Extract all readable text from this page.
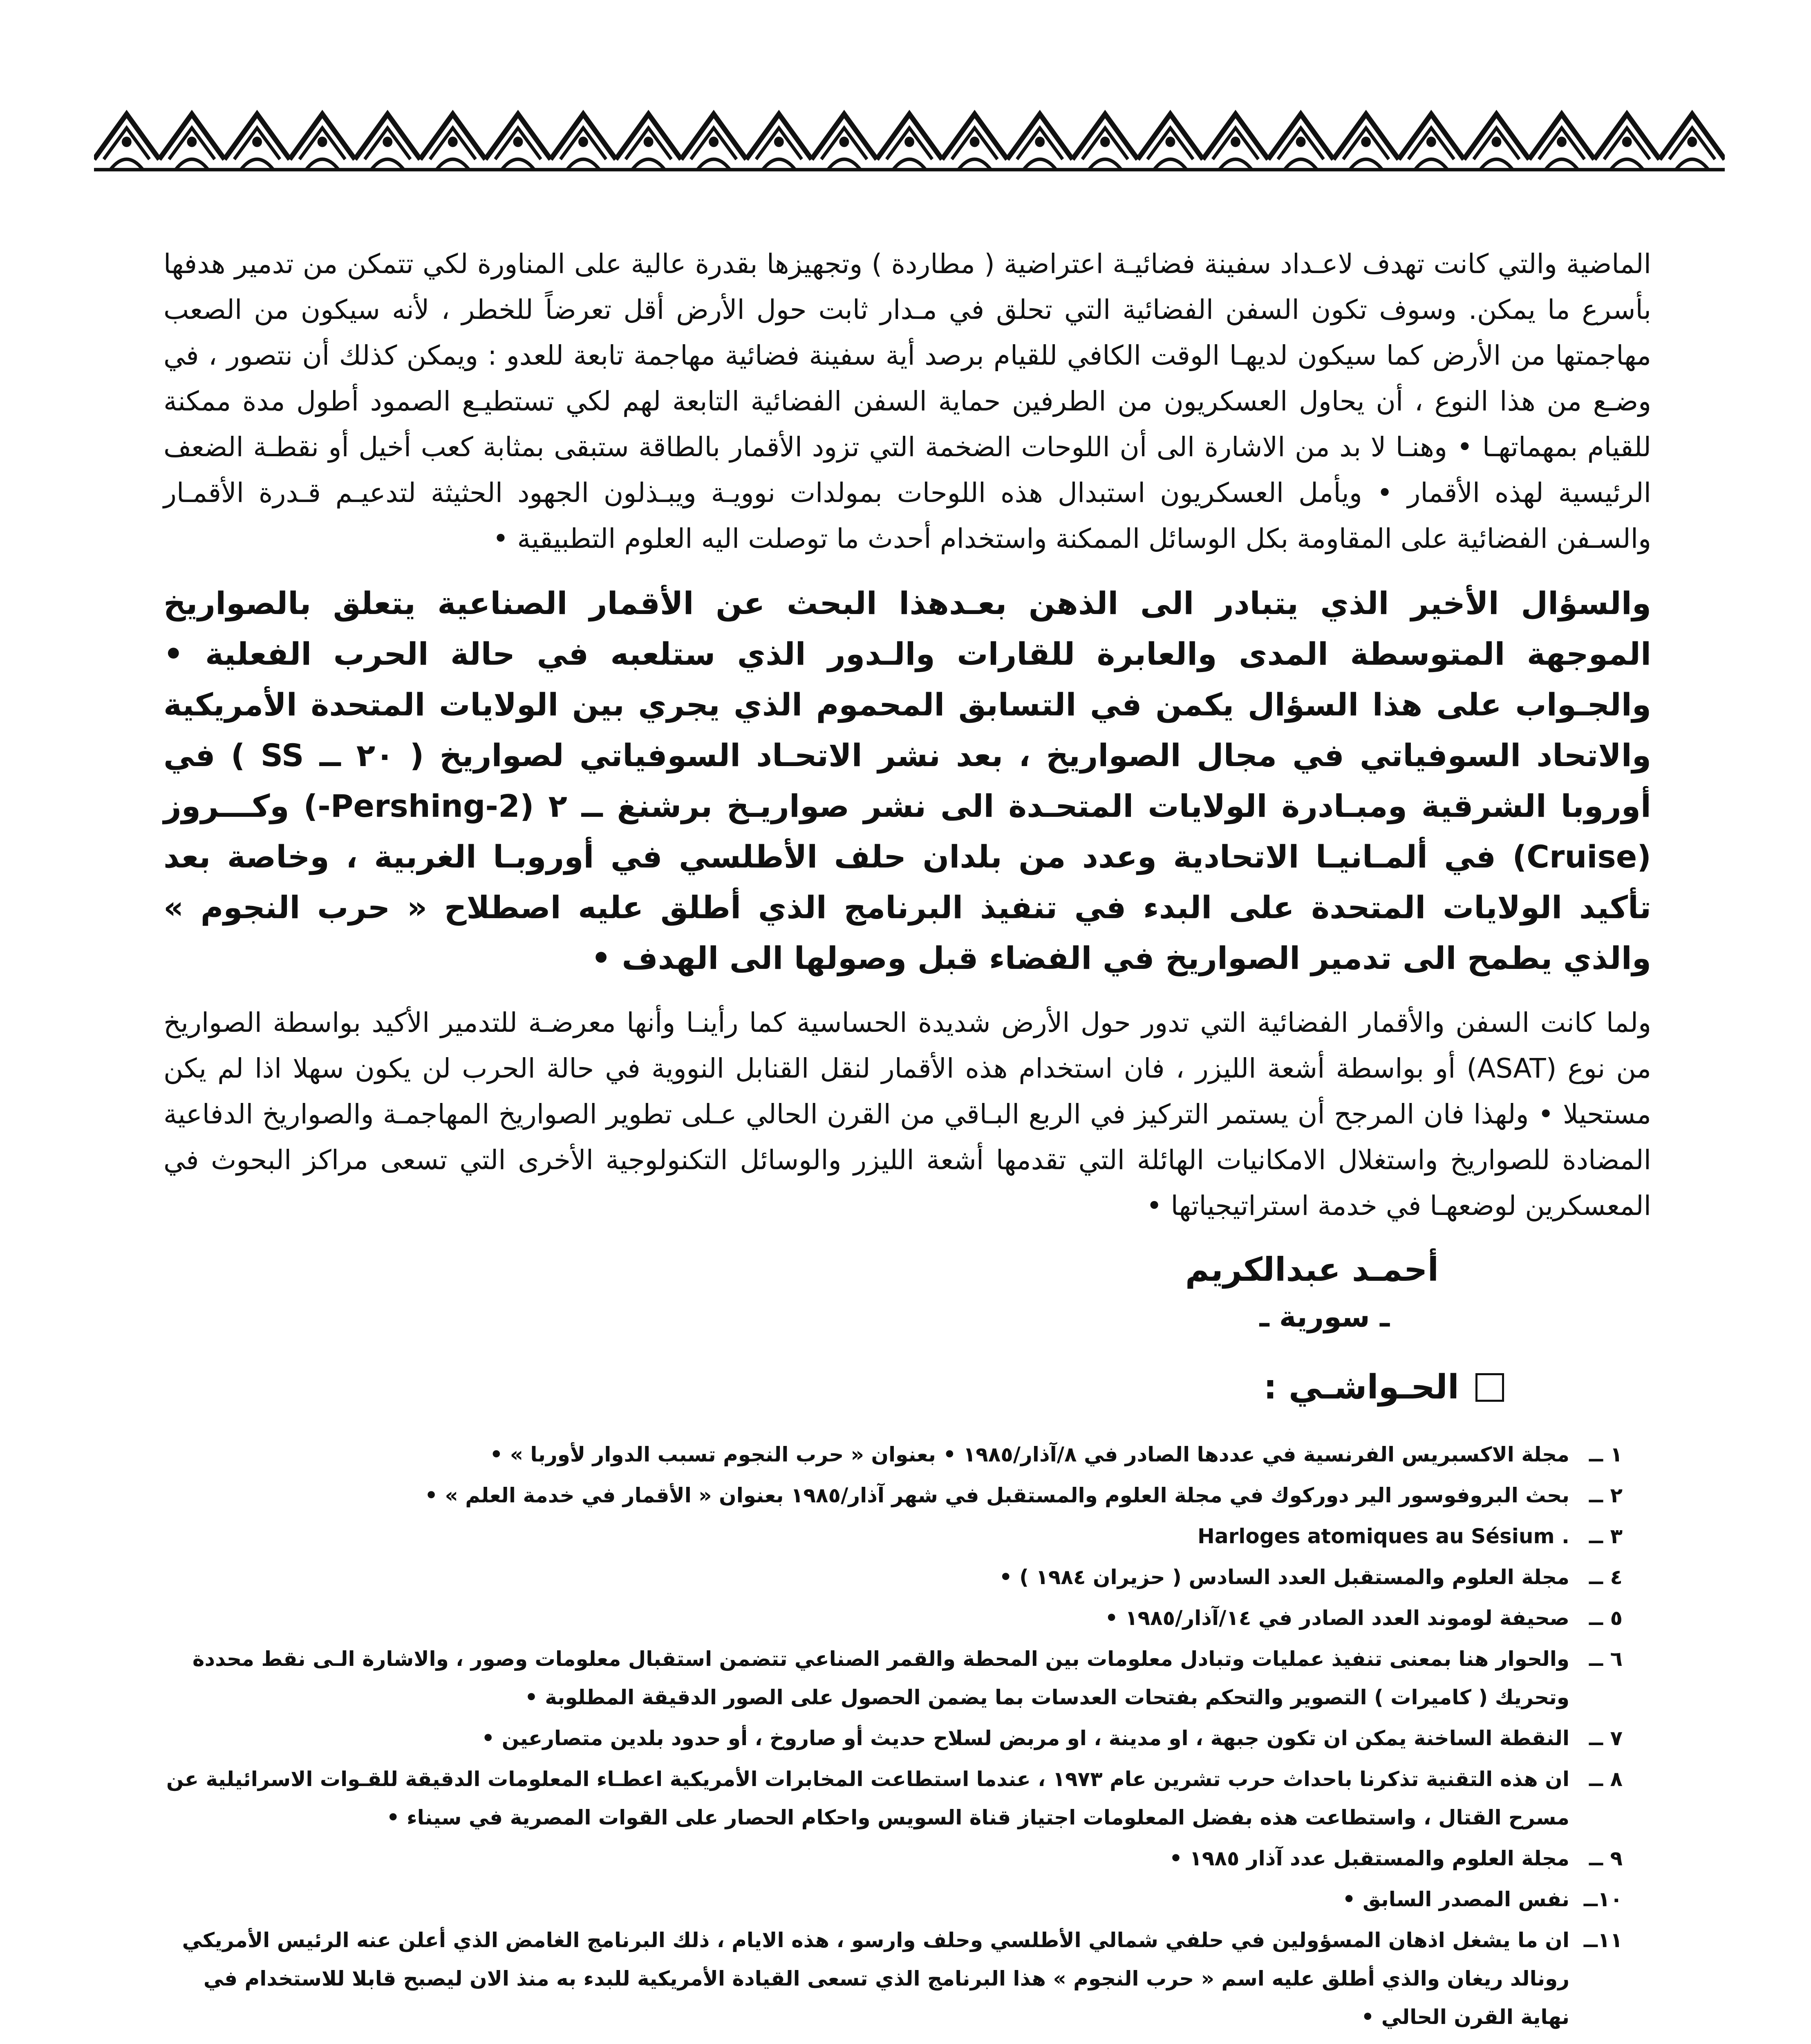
الماضية والتي كانت تهدف لاعـداد سفينة فضائيـة اعتراضية ( مطاردة ) وتجهيزها بقدرة عالية على المناورة لكي تتمكن من تدمير هدفها بأسرع ما يمكن. وسوف تكون السفن الفضائية التي تحلق في مـدار ثابت حول الأرض أقل تعرضاً للخطر ، لأنه سيكون من الصعب مهاجمتها من الأرض كما سيكون لديهـا الوقت الكافي للقيام برصد أية سفينة فضائية مهاجمة تابعة للعدو : ويمكن كذلك أن نتصور ، في وضـع من هذا النوع ، أن يحاول العسكريون من الطرفين حماية السفن الفضائية التابعة لهم لكي تستطيـع الصمود أطول مدة ممكنة للقيام بمهماتهـا • وهنـا لا بد من الاشارة الى أن اللوحات الضخمة التي تزود الأقمار بالطاقة ستبقى بمثابة كعب أخيل أو نقطـة الضعف الرئيسية لهذه الأقمار • ويأمل العسكريون استبدال هذه اللوحات بمولدات نوويـة ويبـذلون الجهود الحثيثة لتدعيـم قـدرة الأقمـار والسـفن الفضائية على المقاومة بكل الوسائل الممكنة واستخدام أحدث ما توصلت اليه العلوم التطبيقية •

والسؤال الأخير الذي يتبادر الى الذهن بعـدهذا البحث عن الأقمار الصناعية يتعلق بالصواريخ الموجهة المتوسطة المدى والعابرة للقارات والـدور الذي ستلعبه في حالة الحرب الفعلية • والجـواب على هذا السؤال يكمن في التسابق المحموم الذي يجري بين الولايات المتحدة الأمريكية والاتحاد السوفياتي في مجال الصواريخ ، بعد نشر الاتحـاد السوفياتي لصواريخ ( ٢٠ ــ SS ) في أوروبا الشرقية ومبـادرة الولايات المتحـدة الى نشر صواريـخ برشنغ ــ ٢ (Pershing-2-) وكـــروز (Cruise) في ألمـانيـا الاتحادية وعدد من بلدان حلف الأطلسي في أوروبـا الغربية ، وخاصة بعد تأكيد الولايات المتحدة على البدء في تنفيذ البرنامج الذي أطلق عليه اصطلاح « حرب النجوم » والذي يطمح الى تدمير الصواريخ في الفضاء قبل وصولها الى الهدف •

ولما كانت السفن والأقمار الفضائية التي تدور حول الأرض شديدة الحساسية كما رأينـا وأنها معرضـة للتدمير الأكيد بواسطة الصواريخ من نوع (ASAT) أو بواسطة أشعة الليزر ، فان استخدام هذه الأقمار لنقل القنابل النووية في حالة الحرب لن يكون سهلا اذا لم يكن مستحيلا • ولهذا فان المرجح أن يستمر التركيز في الربع البـاقي من القرن الحالي عـلى تطوير الصواريخ المهاجمـة والصواريخ الدفاعية المضادة للصواريخ واستغلال الامكانيات الهائلة التي تقدمها أشعة الليزر والوسائل التكنولوجية الأخرى التي تسعى مراكز البحوث في المعسكرين لوضعهـا في خدمة استراتيجياتها •

أحمـد عبدالكريم
ـ سورية ـ
الحـواشـي :
١ ــ
مجلة الاكسبريس الفرنسية في عددها الصادر في ٨/آذار/١٩٨٥ • بعنوان « حرب النجوم تسبب الدوار لأوربا » •
٢ ــ
بحث البروفوسور الير دوركوك في مجلة العلوم والمستقبل في شهر آذار/١٩٨٥ بعنوان « الأقمار في خدمة العلم » •
٣ ــ
Harloges atomiques au Sésium .
٤ ــ
مجلة العلوم والمستقبل العدد السادس ( حزيران ١٩٨٤ ) •
٥ ــ
صحيفة لوموند العدد الصادر في ١٤/آذار/١٩٨٥ •
٦ ــ
والحوار هنا بمعنى تنفيذ عمليات وتبادل معلومات بين المحطة والقمر الصناعي تتضمن استقبال معلومات وصور ، والاشارة الـى نقط محددة وتحريك ( كاميرات ) التصوير والتحكم بفتحات العدسات بما يضمن الحصول على الصور الدقيقة المطلوبة •
٧ ــ
النقطة الساخنة يمكن ان تكون جبهة ، او مدينة ، او مربض لسلاح حديث أو صاروخ ، أو حدود بلدين متصارعين •
٨ ــ
ان هذه التقنية تذكرنا باحداث حرب تشرين عام ١٩٧٣ ، عندما استطاعت المخابرات الأمريكية اعطـاء المعلومات الدقيقة للقـوات الاسرائيلية عن مسرح القتال ، واستطاعت هذه بفضل المعلومات اجتياز قناة السويس واحكام الحصار على القوات المصرية في سيناء •
٩ ــ
مجلة العلوم والمستقبل عدد آذار ١٩٨٥ •
١٠ــ
نفس المصدر السابق •
١١ــ
ان ما يشغل اذهان المسؤولين في حلفي شمالي الأطلسي وحلف وارسو ، هذه الايام ، ذلك البرنامج الغامض الذي أعلن عنه الرئيس الأمريكي رونالد ريغان والذي أطلق عليه اسم « حرب النجوم » هذا البرنامج الذي تسعى القيادة الأمريكية للبدء به منذ الان ليصبح قابلا للاستخدام في نهاية القرن الحالي •
